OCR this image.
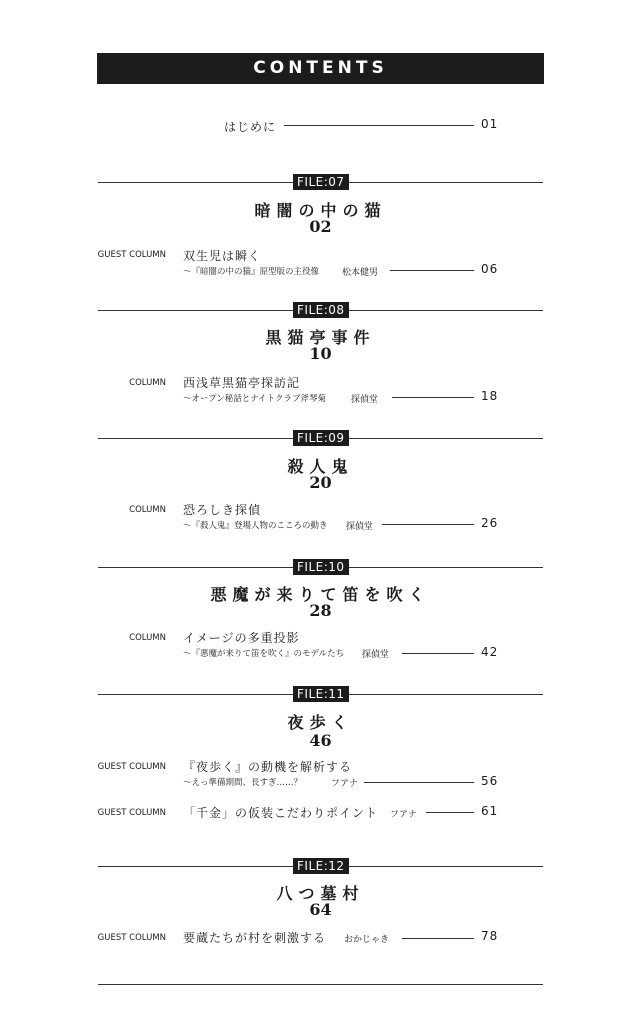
CONTENTS
はじめに	01
FILE:07
暗闇の中の猫
02
GUEST COLUMN 双生児は瞬く
〜『暗闇の中の猫』原型版の主役像	松本健男	06
FILE:08
黒猫亭事件
10
COLUMN 西浅草黒猫亭探訪記
〜オープン秘話とナイトクラブ斧琴菊	探偵堂	18
FILE:09
殺人鬼
20
COLUMN 恐ろしき探偵
〜『殺人鬼』登場人物のこころの動き 探偵堂	26
FILE:10
悪魔が来りて笛を吹く
28
COLUMN イメージの多重投影
〜『悪魔が来りて笛を吹く』のモデルたち 探偵堂	42
FILE:11
夜歩く
46
GUEST COLUMN 『夜歩く』の動機を解析する
〜えっ準備期間、長すぎ……？	フアナ	56
GUEST COLUMN 「千金」の仮装こだわりポイント フアナ	61
FILE:12
八つ墓村
64
GUEST COLUMN 要蔵たちが村を刺激する おかじゃき	78
